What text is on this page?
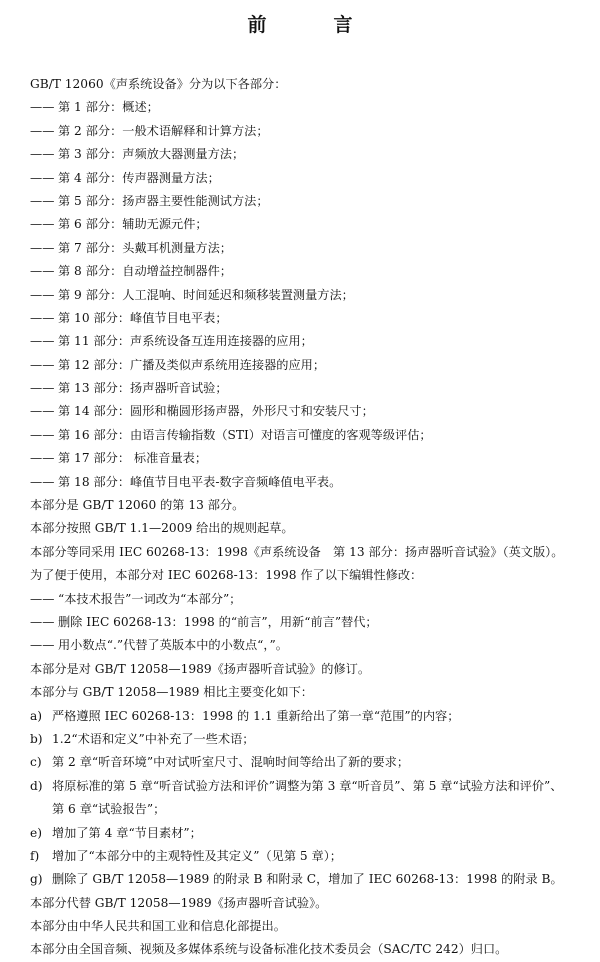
前　言
GB/T 12060《声系统设备》分为以下各部分：
—— 第 1 部分：概述；
—— 第 2 部分：一般术语解释和计算方法；
—— 第 3 部分：声频放大器测量方法；
—— 第 4 部分：传声器测量方法；
—— 第 5 部分：扬声器主要性能测试方法；
—— 第 6 部分：辅助无源元件；
—— 第 7 部分：头戴耳机测量方法；
—— 第 8 部分：自动增益控制器件；
—— 第 9 部分：人工混响、时间延迟和频移装置测量方法；
—— 第 10 部分：峰值节目电平表；
—— 第 11 部分：声系统设备互连用连接器的应用；
—— 第 12 部分：广播及类似声系统用连接器的应用；
—— 第 13 部分：扬声器听音试验；
—— 第 14 部分：圆形和椭圆形扬声器，外形尺寸和安装尺寸；
—— 第 16 部分：由语言传输指数（STI）对语言可懂度的客观等级评估；
—— 第 17 部分： 标准音量表；
—— 第 18 部分：峰值节目电平表-数字音频峰值电平表。
本部分是 GB/T 12060 的第 13 部分。
本部分按照 GB/T 1.1—2009 给出的规则起草。
本部分等同采用 IEC 60268-13：1998《声系统设备　第 13 部分：扬声器听音试验》（英文版）。
为了便于使用，本部分对 IEC 60268-13：1998 作了以下编辑性修改：
—— “本技术报告”一词改为“本部分”；
—— 删除 IEC 60268-13：1998 的“前言”，用新“前言”替代；
—— 用小数点“.”代替了英版本中的小数点“，”。
本部分是对 GB/T 12058—1989《扬声器听音试验》的修订。
本部分与 GB/T 12058—1989 相比主要变化如下：
a) 严格遵照 IEC 60268-13：1998 的 1.1 重新给出了第一章“范围”的内容；
b) 1.2“术语和定义”中补充了一些术语；
c) 第 2 章“听音环境”中对试听室尺寸、混响时间等给出了新的要求；
d) 将原标准的第 5 章“听音试验方法和评价”调整为第 3 章“听音员”、第 5 章“试验方法和评价”、
第 6 章“试验报告”；
e) 增加了第 4 章“节目素材”；
f) 增加了“本部分中的主观特性及其定义”（见第 5 章）；
g) 删除了 GB/T 12058—1989 的附录 B 和附录 C，增加了 IEC 60268-13：1998 的附录 B。
本部分代替 GB/T 12058—1989《扬声器听音试验》。
本部分由中华人民共和国工业和信息化部提出。
本部分由全国音频、视频及多媒体系统与设备标准化技术委员会（SAC/TC 242）归口。
